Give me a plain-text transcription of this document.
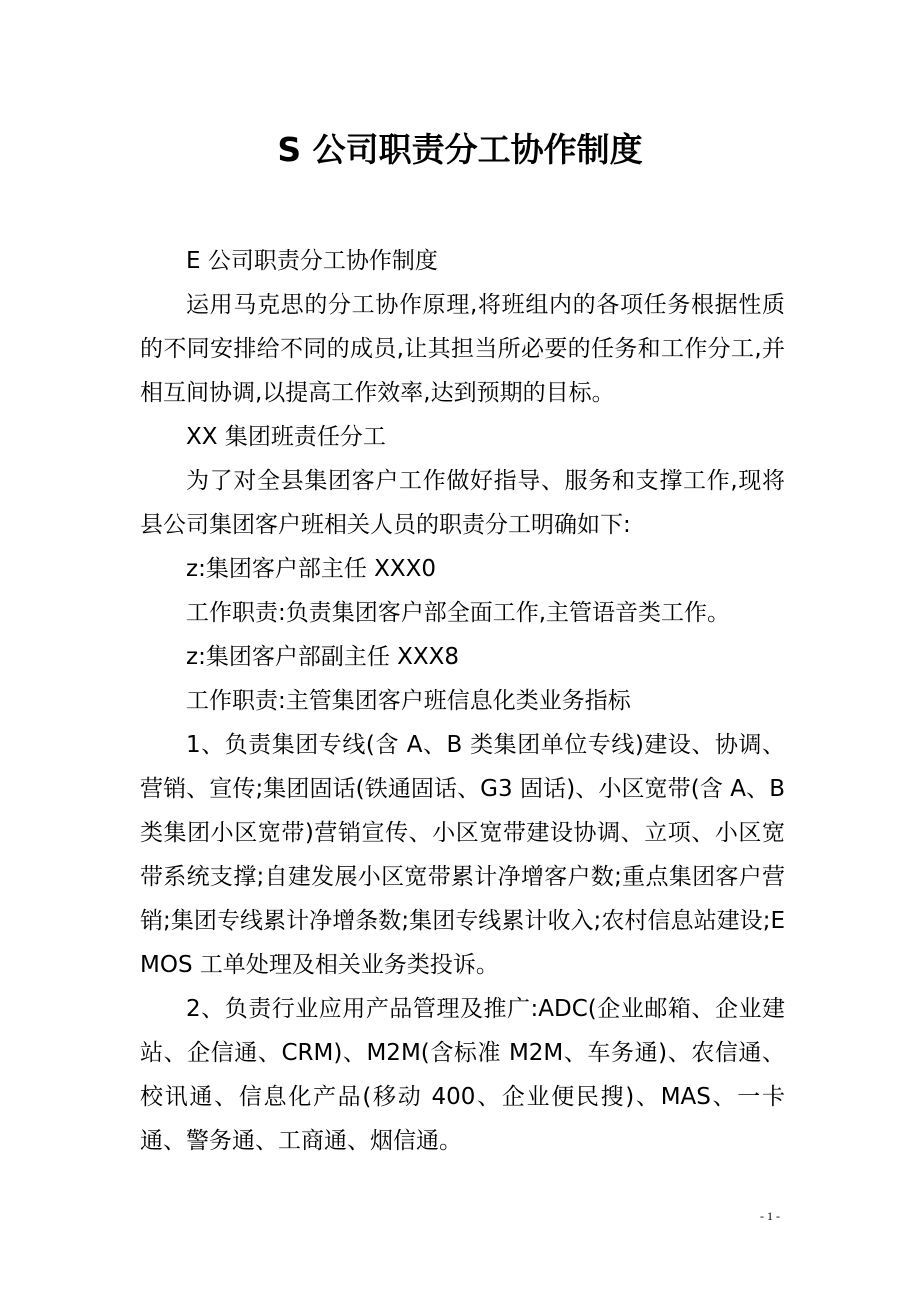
S 公司职责分工协作制度

E 公司职责分工协作制度

运用马克思的分工协作原理,将班组内的各项任务根据性质的不同安排给不同的成员,让其担当所必要的任务和工作分工,并相互间协调,以提高工作效率,达到预期的目标。

XX 集团班责任分工

为了对全县集团客户工作做好指导、服务和支撑工作,现将县公司集团客户班相关人员的职责分工明确如下:

z:集团客户部主任 XXX0

工作职责:负责集团客户部全面工作,主管语音类工作。

z:集团客户部副主任 XXX8

工作职责:主管集团客户班信息化类业务指标

1、负责集团专线(含 A、B 类集团单位专线)建设、协调、营销、宣传;集团固话(铁通固话、G3 固话)、小区宽带(含 A、B 类集团小区宽带)营销宣传、小区宽带建设协调、立项、小区宽带系统支撑;自建发展小区宽带累计净增客户数;重点集团客户营销;集团专线累计净增条数;集团专线累计收入;农村信息站建设;EMOS 工单处理及相关业务类投诉。

2、负责行业应用产品管理及推广:ADC(企业邮箱、企业建站、企信通、CRM)、M2M(含标准 M2M、车务通)、农信通、校讯通、信息化产品(移动 400、企业便民搜)、MAS、一卡通、警务通、工商通、烟信通。

- 1 -
